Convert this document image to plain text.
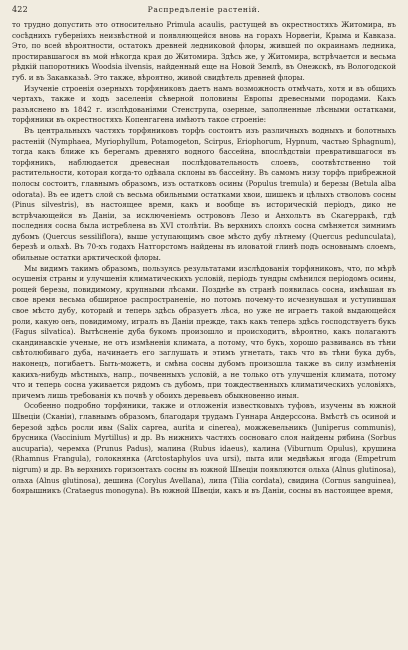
422	Распредъленiе растенiй.

то трудно допустить это относительно Primula acaulis, растущей въ окрестностяхъ Житомира, въ сосѣднихъ губернiяхъ неизвѣстной и появляющейся вновь на горахъ Норвегiи, Крыма и Кавказа. Это, по всей вѣроятности, остатокъ древней ледниковой флоры, жившей по окраинамъ ледника, простиравшагося въ мой нѣкогда края до Житомира. Здѣсь же, у Житомира, встрѣчается и весьма рѣдкiй папоротникъ Woodsia ilvensis, найденный еще на Новой Землѣ, въ Онежскѣ, въ Вологодской губ. и въ Закавказьѣ. Это также, вѣроятно, живой свидѣтель древней флоры.

Изученiе строенiя озерныхъ торфяниковъ даетъ намъ возможность отмѣчать, хотя и въ общихъ чертахъ, также и ходъ заселенiя сѣверной половины Европы древесными породами. Какъ разъяснено въ 1842 г. изслѣдованiями Стенструпа, озерные, заполненные лѣсными остатками, торфяники въ окрестностяхъ Копенгагена имѣютъ такое строенiе:

Въ центральныхъ частяхъ торфяниковъ торфъ состоитъ изъ различныхъ водныхъ и болотныхъ растенiй (Nymphaea, Myriophyllum, Potamogeton, Scirpus, Eriophorum, Hypnum, частью Sphagnum), тогда какъ ближе къ берегамъ древняго водного бассейна, впослѣдствiи превратившагося въ торфяникъ, наблюдается древесная послѣдовательность слоевъ, соотвѣтственно той растительности, которая когда-то одѣвала склоны въ бассейну. Въ самомъ низу торфъ прибрежной полосы состоитъ, главнымъ образомъ, изъ остатковъ осины (Populus tremula) и березы (Betula alba odorata). Въ ее идетъ слой съ весьма обильными остатками хвои, шишекъ и цѣлыхъ стволовъ сосны (Pinus silvestris), въ настоящее время, какъ и вообще въ историческiй перiодъ, дико не встрѣчающейся въ Данiи, за исключенiемъ острововъ Лезо и Анхольтъ въ Скагерракѣ, гдѣ последняя сосна была истреблена въ XVI столѣтiи. Въ верхнихъ слояхъ сосна смѣняется зимнимъ дубомъ (Quercus sessiliflora), выше уступающимъ свое мѣсто дубу лѣтнему (Quercus pedunculata), березѣ и ольхѣ. Въ 70-хъ годахъ Натгорстомъ найдены въ иловатой глинѣ подъ основнымъ слоемъ, обильные остатки арктической флоры.

Мы видимъ такимъ образомъ, пользуясь результатами изслѣдованiя торфяниковъ, что, по мѣрѣ осушенiя страны и улучшенiя климатическихъ условiй, перiодъ тундры смѣнился перiодомъ осины, рощей березы, повидимому, крупными лѣсами. Позднѣе въ странѣ появилась сосна, имѣвшая въ свое время весьма обширное распространенiе, но потомъ почему-то исчезнувшая и уступившая свое мѣсто дубу, который и теперь здѣсь образуетъ лѣса, но уже не играетъ такой выдающейся роли, какую онъ, повидимому, игралъ въ Данiи прежде, такъ какъ теперь здѣсь господствуетъ букъ (Fagus silvatica). Вытѣсненiе дуба букомъ произошло и происходитъ, вѣроятно, какъ полагаютъ скандинавскiе ученые, не отъ измѣненiя климата, а потому, что букъ, хорошо развиваясь въ тѣни свѣтолюбиваго дуба, начинаетъ его заглушать и этимъ угнетать, такъ что въ тѣни бука дубъ, наконецъ, погибаетъ. Быть-можетъ, и смѣна сосны дубомъ произошла также въ силу измѣненiя какихъ-нибудь мѣстныхъ, напр., почвенныхъ условiй, а не только отъ улучшенiя климата, потому что и теперь сосна уживается рядомъ съ дубомъ, при тождественныхъ климатическихъ условiяхъ, причемъ лишь требованiя къ почвѣ у обоихъ деревьевъ обыкновенно иныя.

Особенно подробно торфяники, также и отложенiя известковыхъ туфовъ, изучены въ южной Швецiи (Сканiи), главнымъ образомъ, благодаря трудамъ Гуннара Андерссона. Вмѣстѣ съ осиной и березой здѣсь росли ивы (Salix caprea, aurita и cinerea), можжевельникъ (Juniperus communis), брусника (Vaccinium Myrtillus) и др. Въ нижнихъ частяхъ сосноваго слоя найдены рябина (Sorbus aucuparia), черемха (Prunus Padus), малина (Rubus idaeus), калина (Viburnum Opulus), крушина (Rhamnus Frangula), голокнянка (Arctostaphylos uva ursi), пыта или медвѣжья ягода (Empetrum nigrum) и др. Въ верхнихъ горизонтахъ сосны въ южной Швецiи появляются ольха (Alnus glutinosa), ольха (Alnus glutinosa), дешина (Corylus Avellana), липа (Tilia cordata), свидина (Cornus sanguinea), боярышникъ (Crataegus monogyna). Въ южной Швецiи, какъ и въ Данiи, сосны въ настоящее время,
